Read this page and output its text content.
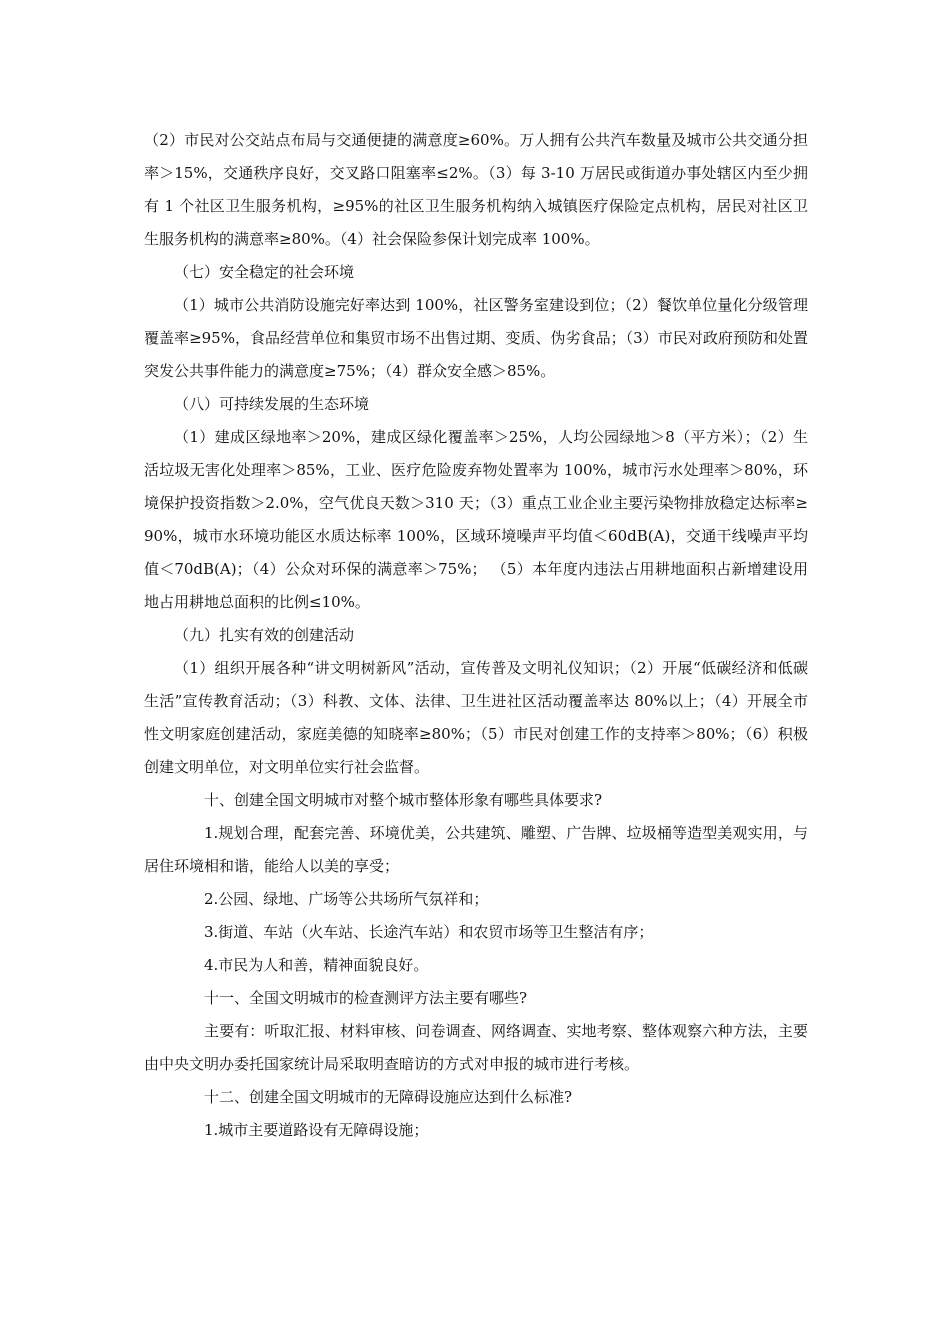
（2）市民对公交站点布局与交通便捷的满意度≥60%。万人拥有公共汽车数量及城市公共交通分担率＞15%，交通秩序良好，交叉路口阻塞率≤2%。（3）每 3-10 万居民或街道办事处辖区内至少拥有 1 个社区卫生服务机构，≥95%的社区卫生服务机构纳入城镇医疗保险定点机构，居民对社区卫生服务机构的满意率≥80%。（4）社会保险参保计划完成率 100%。

（七）安全稳定的社会环境

（1）城市公共消防设施完好率达到 100%，社区警务室建设到位；（2）餐饮单位量化分级管理覆盖率≥95%，食品经营单位和集贸市场不出售过期、变质、伪劣食品；（3）市民对政府预防和处置突发公共事件能力的满意度≥75%；（4）群众安全感＞85%。

（八）可持续发展的生态环境

（1）建成区绿地率＞20%，建成区绿化覆盖率＞25%，人均公园绿地＞8（平方米）；（2）生活垃圾无害化处理率＞85%，工业、医疗危险废弃物处置率为 100%，城市污水处理率＞80%，环境保护投资指数＞2.0%，空气优良天数＞310 天；（3）重点工业企业主要污染物排放稳定达标率≥90%，城市水环境功能区水质达标率 100%，区域环境噪声平均值＜60dB(A)，交通干线噪声平均值＜70dB(A)；（4）公众对环保的满意率＞75%； （5）本年度内违法占用耕地面积占新增建设用地占用耕地总面积的比例≤10%。

（九）扎实有效的创建活动

（1）组织开展各种“讲文明树新风”活动，宣传普及文明礼仪知识；（2）开展“低碳经济和低碳生活”宣传教育活动；（3）科教、文体、法律、卫生进社区活动覆盖率达 80%以上；（4）开展全市性文明家庭创建活动，家庭美德的知晓率≥80%；（5）市民对创建工作的支持率＞80%；（6）积极创建文明单位，对文明单位实行社会监督。

十、创建全国文明城市对整个城市整体形象有哪些具体要求?

1.规划合理，配套完善、环境优美，公共建筑、雕塑、广告牌、垃圾桶等造型美观实用，与居住环境相和谐，能给人以美的享受；

2.公园、绿地、广场等公共场所气氛祥和；

3.街道、车站（火车站、长途汽车站）和农贸市场等卫生整洁有序；

4.市民为人和善，精神面貌良好。

十一、全国文明城市的检查测评方法主要有哪些?

主要有：听取汇报、材料审核、问卷调查、网络调查、实地考察、整体观察六种方法，主要由中央文明办委托国家统计局采取明查暗访的方式对申报的城市进行考核。

十二、创建全国文明城市的无障碍设施应达到什么标准?

1.城市主要道路设有无障碍设施；
